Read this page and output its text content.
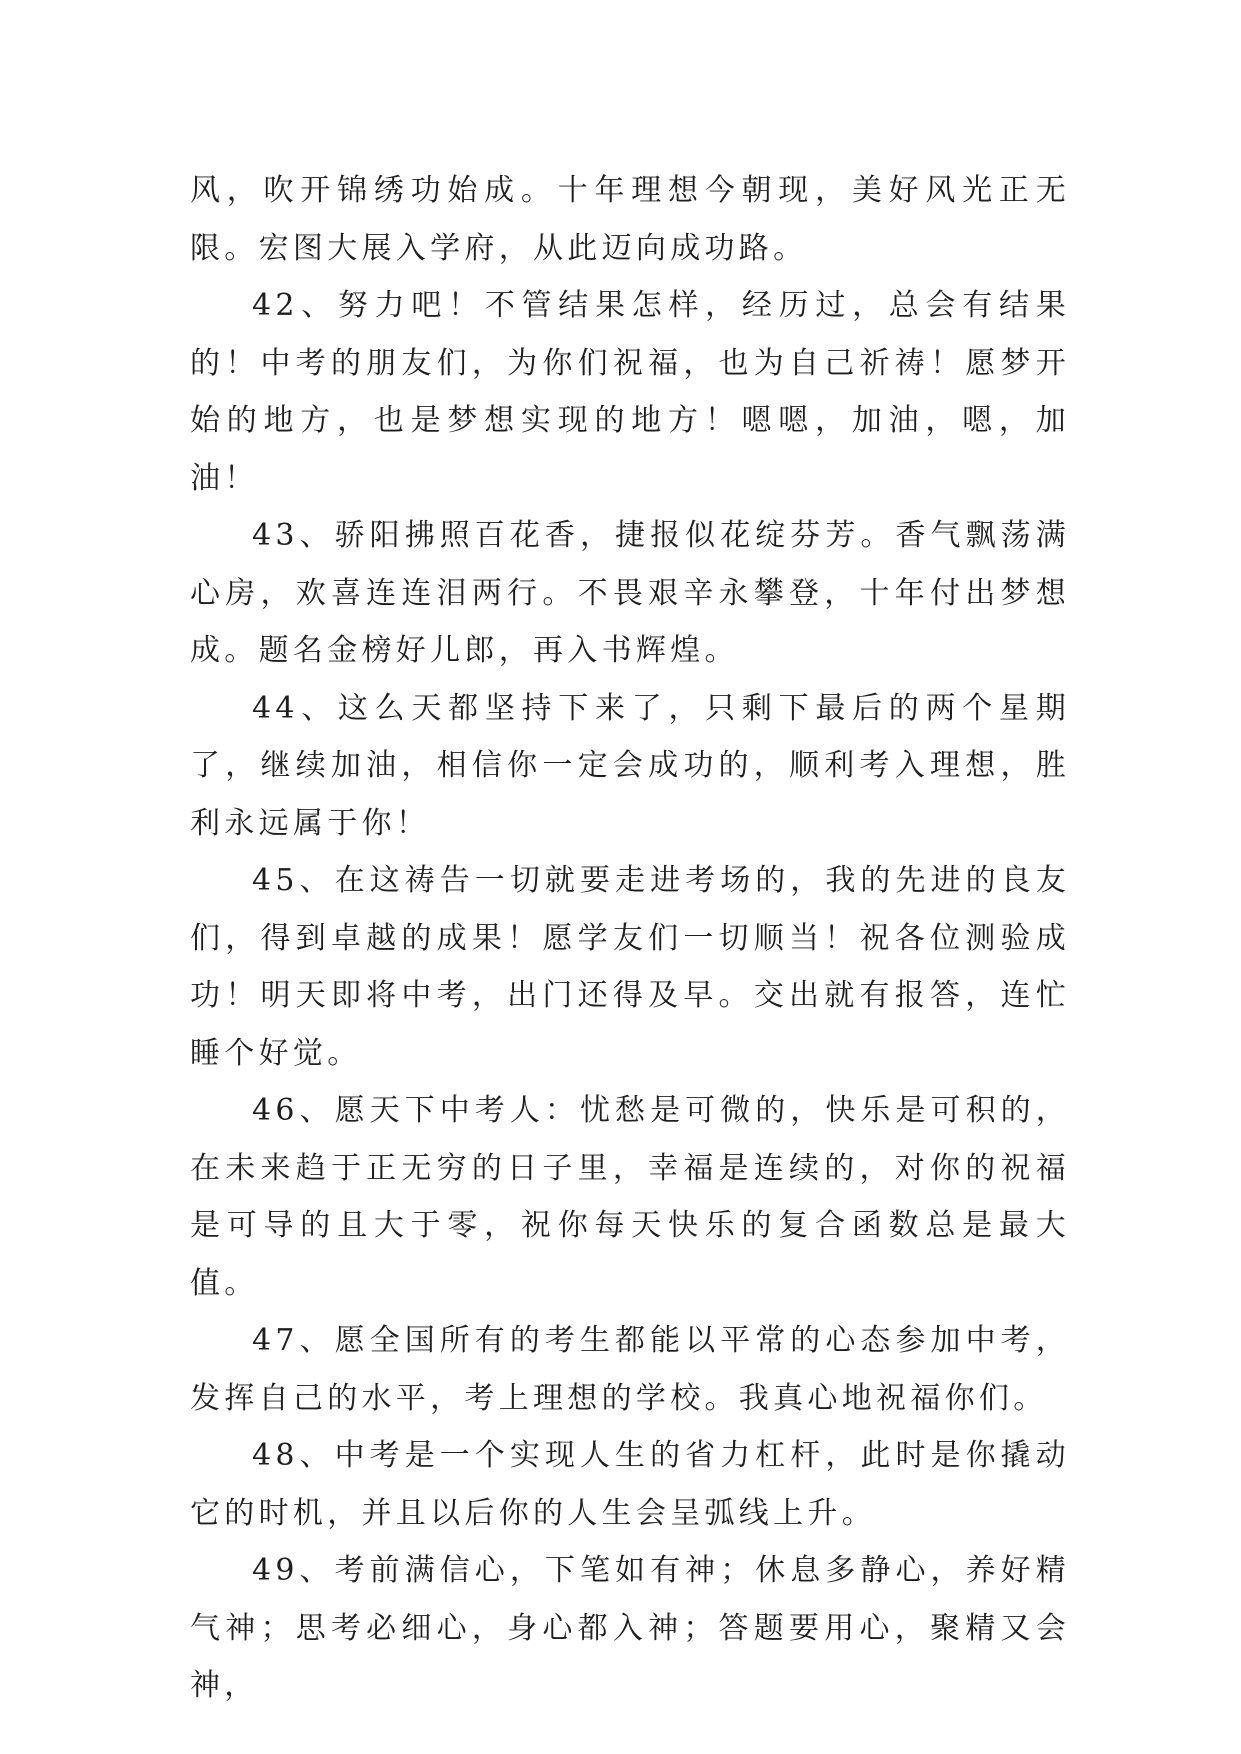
风，吹开锦绣功始成。十年理想今朝现，美好风光正无限。宏图大展入学府，从此迈向成功路。

42、努力吧！不管结果怎样，经历过，总会有结果的！中考的朋友们，为你们祝福，也为自己祈祷！愿梦开始的地方，也是梦想实现的地方！嗯嗯，加油，嗯，加油！

43、骄阳拂照百花香，捷报似花绽芬芳。香气飘荡满心房，欢喜连连泪两行。不畏艰辛永攀登，十年付出梦想成。题名金榜好儿郎，再入书辉煌。

44、这么天都坚持下来了，只剩下最后的两个星期了，继续加油，相信你一定会成功的，顺利考入理想，胜利永远属于你！

45、在这祷告一切就要走进考场的，我的先进的良友们，得到卓越的成果！愿学友们一切顺当！祝各位测验成功！明天即将中考，出门还得及早。交出就有报答，连忙睡个好觉。

46、愿天下中考人：忧愁是可微的，快乐是可积的，在未来趋于正无穷的日子里，幸福是连续的，对你的祝福是可导的且大于零，祝你每天快乐的复合函数总是最大值。

47、愿全国所有的考生都能以平常的心态参加中考，发挥自己的水平，考上理想的学校。我真心地祝福你们。

48、中考是一个实现人生的省力杠杆，此时是你撬动它的时机，并且以后你的人生会呈弧线上升。

49、考前满信心，下笔如有神；休息多静心，养好精气神；思考必细心，身心都入神；答题要用心，聚精又会神，
